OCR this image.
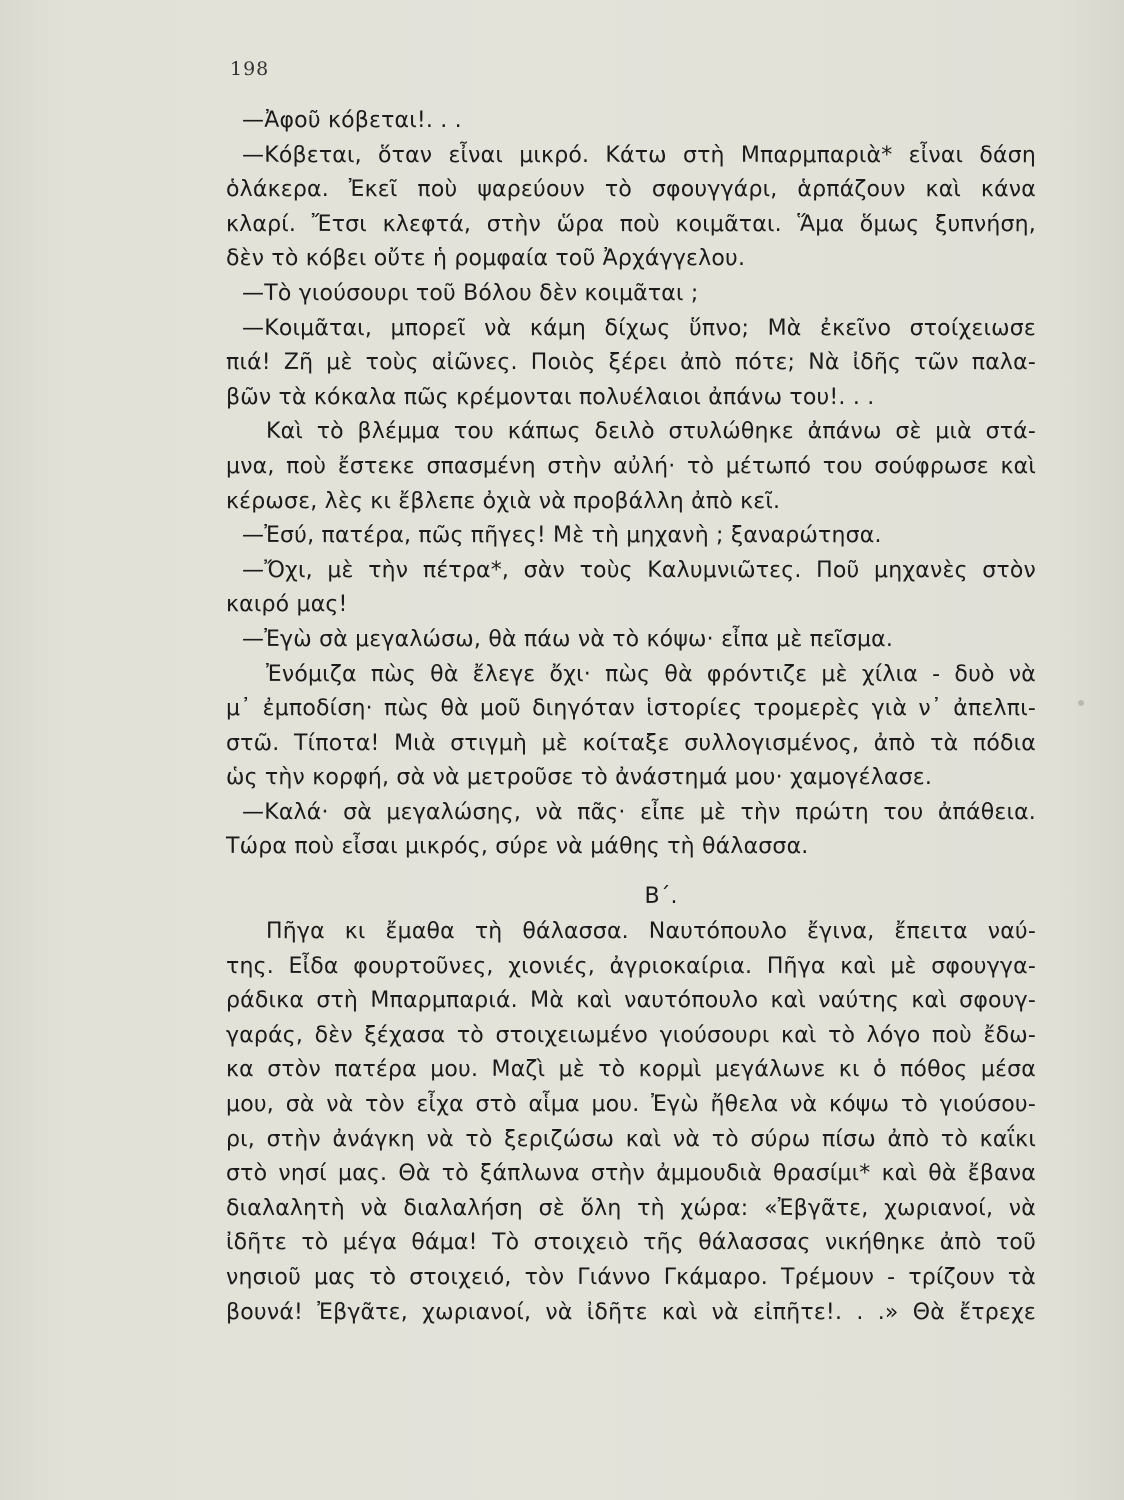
198
—Ἀφοῦ κόβεται!. . .
—Κόβεται, ὅταν εἶναι μικρό. Κάτω στὴ Μπαρμπαριὰ* εἶναι δάση
ὁλάκερα. Ἐκεῖ ποὺ ψαρεύουν τὸ σφουγγάρι, ἁρπάζουν καὶ κάνα
κλαρί. Ἔτσι κλεφτά, στὴν ὥρα ποὺ κοιμᾶται. Ἅμα ὅμως ξυπνήση,
δὲν τὸ κόβει οὔτε ἡ ρομφαία τοῦ Ἀρχάγγελου.
—Τὸ γιούσουρι τοῦ Βόλου δὲν κοιμᾶται ;
—Κοιμᾶται, μπορεῖ νὰ κάμη δίχως ὕπνο; Μὰ ἐκεῖνο στοίχειωσε
πιά! Ζῆ μὲ τοὺς αἰῶνες. Ποιὸς ξέρει ἀπὸ πότε; Νὰ ἰδῆς τῶν παλα-
βῶν τὰ κόκαλα πῶς κρέμονται πολυέλαιοι ἀπάνω του!. . .
Καὶ τὸ βλέμμα του κάπως δειλὸ στυλώθηκε ἀπάνω σὲ μιὰ στά-
μνα, ποὺ ἔστεκε σπασμένη στὴν αὐλή· τὸ μέτωπό του σούφρωσε καὶ
κέρωσε, λὲς κι ἔβλεπε ὀχιὰ νὰ προβάλλη ἀπὸ κεῖ.
—Ἐσύ, πατέρα, πῶς πῆγες! Μὲ τὴ μηχανὴ ; ξαναρώτησα.
—Ὄχι, μὲ τὴν πέτρα*, σὰν τοὺς Καλυμνιῶτες. Ποῦ μηχανὲς στὸν
καιρό μας!
—Ἐγὼ σὰ μεγαλώσω, θὰ πάω νὰ τὸ κόψω· εἶπα μὲ πεῖσμα.
Ἐνόμιζα πὼς θὰ ἔλεγε ὄχι· πὼς θὰ φρόντιζε μὲ χίλια - δυὸ νὰ
μ᾽ ἐμποδίση· πὼς θὰ μοῦ διηγόταν ἱστορίες τρομερὲς γιὰ ν᾽ ἀπελπι-
στῶ. Τίποτα! Μιὰ στιγμὴ μὲ κοίταξε συλλογισμένος, ἀπὸ τὰ πόδια
ὡς τὴν κορφή, σὰ νὰ μετροῦσε τὸ ἀνάστημά μου· χαμογέλασε.
—Καλά· σὰ μεγαλώσης, νὰ πᾶς· εἶπε μὲ τὴν πρώτη του ἀπάθεια.
Τώρα ποὺ εἶσαι μικρός, σύρε νὰ μάθης τὴ θάλασσα.
Β΄.
Πῆγα κι ἔμαθα τὴ θάλασσα. Ναυτόπουλο ἔγινα, ἔπειτα ναύ-
της. Εἶδα φουρτοῦνες, χιονιές, ἀγριοκαίρια. Πῆγα καὶ μὲ σφουγγα-
ράδικα στὴ Μπαρμπαριά. Μὰ καὶ ναυτόπουλο καὶ ναύτης καὶ σφουγ-
γαράς, δὲν ξέχασα τὸ στοιχειωμένο γιούσουρι καὶ τὸ λόγο ποὺ ἔδω-
κα στὸν πατέρα μου. Μαζὶ μὲ τὸ κορμὶ μεγάλωνε κι ὁ πόθος μέσα
μου, σὰ νὰ τὸν εἶχα στὸ αἷμα μου. Ἐγὼ ἤθελα νὰ κόψω τὸ γιούσου-
ρι, στὴν ἀνάγκη νὰ τὸ ξεριζώσω καὶ νὰ τὸ σύρω πίσω ἀπὸ τὸ καΐκι
στὸ νησί μας. Θὰ τὸ ξάπλωνα στὴν ἀμμουδιὰ θρασίμι* καὶ θὰ ἔβανα
διαλαλητὴ νὰ διαλαλήση σὲ ὅλη τὴ χώρα: «Ἐβγᾶτε, χωριανοί, νὰ
ἰδῆτε τὸ μέγα θάμα! Τὸ στοιχειὸ τῆς θάλασσας νικήθηκε ἀπὸ τοῦ
νησιοῦ μας τὸ στοιχειό, τὸν Γιάννο Γκάμαρο. Τρέμουν - τρίζουν τὰ
βουνά! Ἐβγᾶτε, χωριανοί, νὰ ἰδῆτε καὶ νὰ εἰπῆτε!. . .» Θὰ ἔτρεχε
